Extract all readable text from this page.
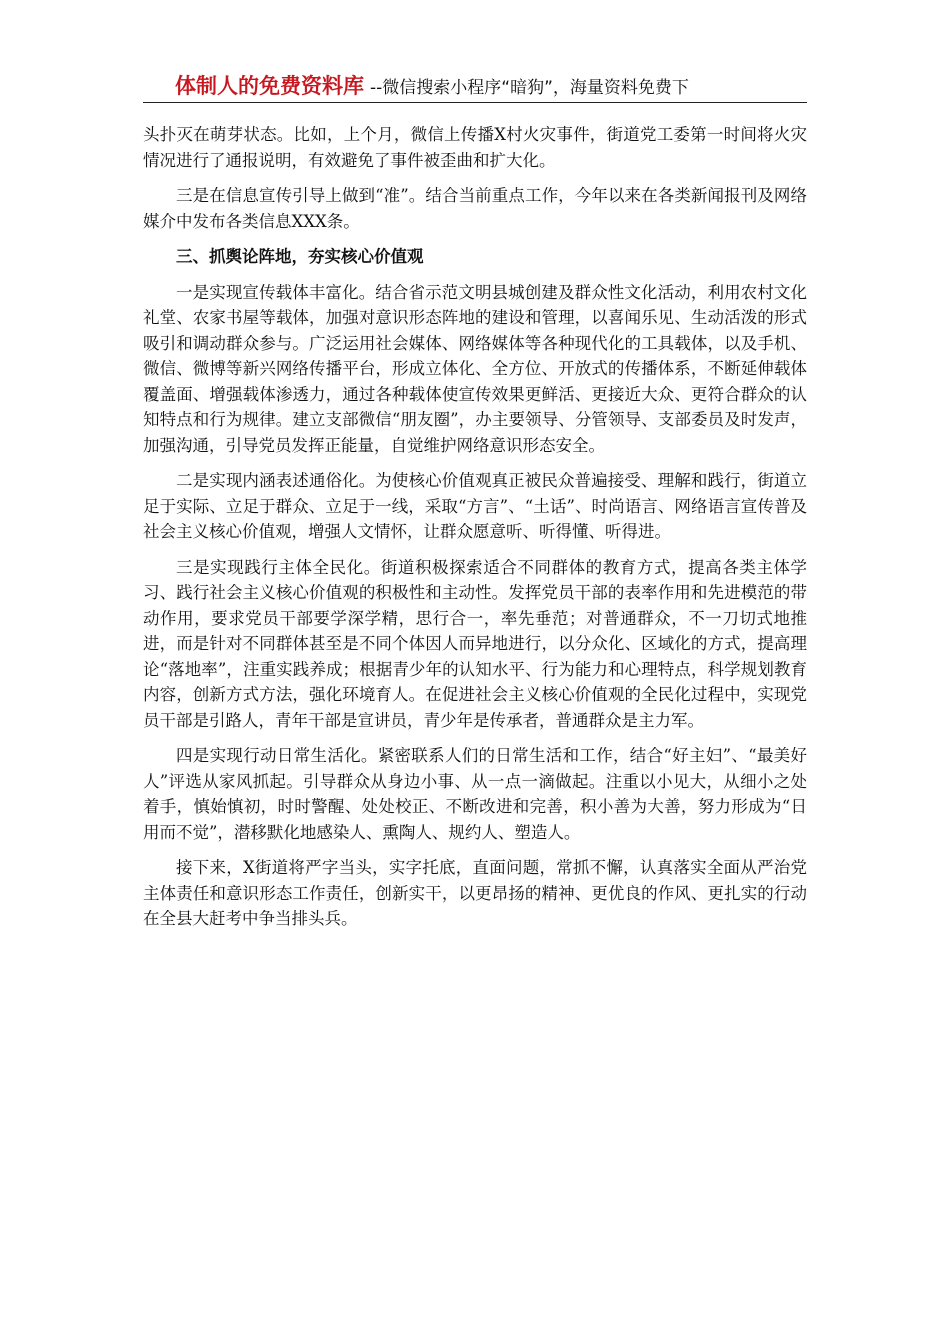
体制人的免费资料库 --微信搜索小程序“暗狗”，海量资料免费下

头扑灭在萌芽状态。比如，上个月，微信上传播X村火灾事件，街道党工委第一时间将火灾情况进行了通报说明，有效避免了事件被歪曲和扩大化。

三是在信息宣传引导上做到“准”。结合当前重点工作，今年以来在各类新闻报刊及网络媒介中发布各类信息XXX条。

三、抓舆论阵地，夯实核心价值观

一是实现宣传载体丰富化。结合省示范文明县城创建及群众性文化活动，利用农村文化礼堂、农家书屋等载体，加强对意识形态阵地的建设和管理，以喜闻乐见、生动活泼的形式吸引和调动群众参与。广泛运用社会媒体、网络媒体等各种现代化的工具载体，以及手机、微信、微博等新兴网络传播平台，形成立体化、全方位、开放式的传播体系，不断延伸载体覆盖面、增强载体渗透力，通过各种载体使宣传效果更鲜活、更接近大众、更符合群众的认知特点和行为规律。建立支部微信“朋友圈”，办主要领导、分管领导、支部委员及时发声，加强沟通，引导党员发挥正能量，自觉维护网络意识形态安全。

二是实现内涵表述通俗化。为使核心价值观真正被民众普遍接受、理解和践行，街道立足于实际、立足于群众、立足于一线，采取“方言”、“土话”、时尚语言、网络语言宣传普及社会主义核心价值观，增强人文情怀，让群众愿意听、听得懂、听得进。

三是实现践行主体全民化。街道积极探索适合不同群体的教育方式，提高各类主体学习、践行社会主义核心价值观的积极性和主动性。发挥党员干部的表率作用和先进模范的带动作用，要求党员干部要学深学精，思行合一，率先垂范；对普通群众，不一刀切式地推进，而是针对不同群体甚至是不同个体因人而异地进行，以分众化、区域化的方式，提高理论“落地率”，注重实践养成；根据青少年的认知水平、行为能力和心理特点，科学规划教育内容，创新方式方法，强化环境育人。在促进社会主义核心价值观的全民化过程中，实现党员干部是引路人，青年干部是宣讲员，青少年是传承者，普通群众是主力军。

四是实现行动日常生活化。紧密联系人们的日常生活和工作，结合“好主妇”、“最美好人”评选从家风抓起。引导群众从身边小事、从一点一滴做起。注重以小见大，从细小之处着手，慎始慎初，时时警醒、处处校正、不断改进和完善，积小善为大善，努力形成为“日用而不觉”，潜移默化地感染人、熏陶人、规约人、塑造人。

接下来，X街道将严字当头，实字托底，直面问题，常抓不懈，认真落实全面从严治党主体责任和意识形态工作责任，创新实干，以更昂扬的精神、更优良的作风、更扎实的行动在全县大赶考中争当排头兵。
